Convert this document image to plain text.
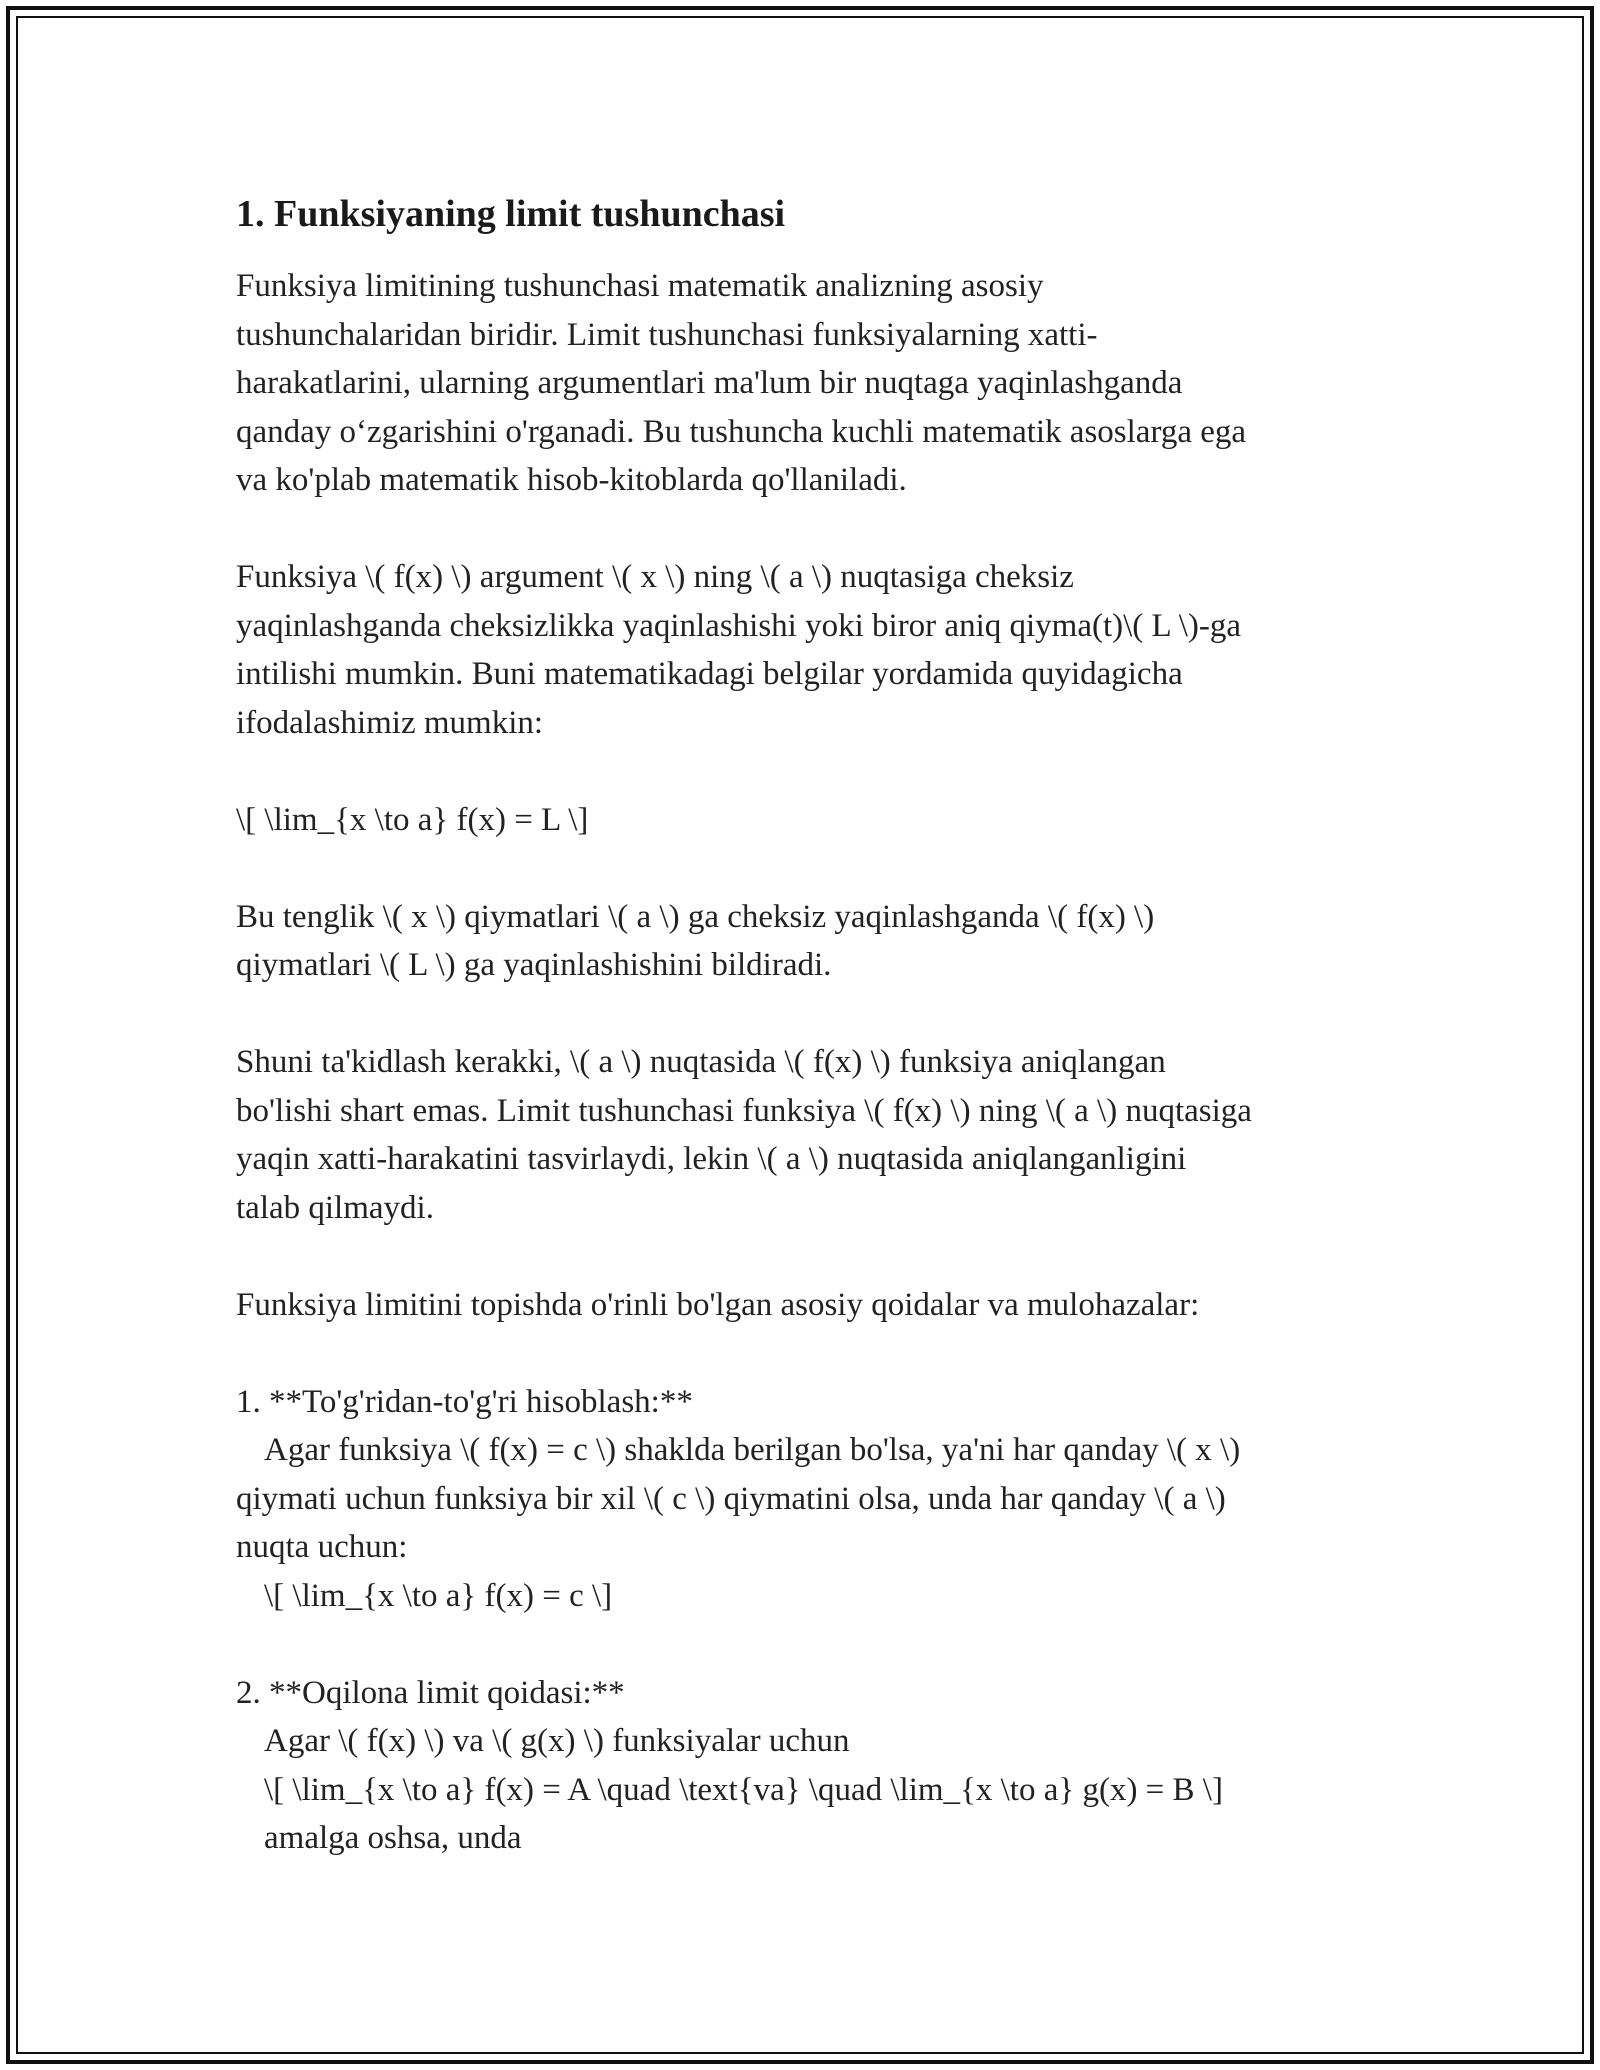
1. Funksiyaning limit tushunchasi
Funksiya limitining tushunchasi matematik analizning asosiy
tushunchalaridan biridir. Limit tushunchasi funksiyalarning xatti-
harakatlarini, ularning argumentlari ma'lum bir nuqtaga yaqinlashganda
qanday o‘zgarishini o'rganadi. Bu tushuncha kuchli matematik asoslarga ega
va ko'plab matematik hisob-kitoblarda qo'llaniladi.
Funksiya \( f(x) \) argument \( x \) ning \( a \) nuqtasiga cheksiz
yaqinlashganda cheksizlikka yaqinlashishi yoki biror aniq qiyma(t)\( L \)-ga
intilishi mumkin. Buni matematikadagi belgilar yordamida quyidagicha
ifodalashimiz mumkin:
\[ \lim_{x \to a} f(x) = L \]
Bu tenglik \( x \) qiymatlari \( a \) ga cheksiz yaqinlashganda \( f(x) \)
qiymatlari \( L \) ga yaqinlashishini bildiradi.
Shuni ta'kidlash kerakki, \( a \) nuqtasida \( f(x) \) funksiya aniqlangan
bo'lishi shart emas. Limit tushunchasi funksiya \( f(x) \) ning \( a \) nuqtasiga
yaqin xatti-harakatini tasvirlaydi, lekin \( a \) nuqtasida aniqlanganligini
talab qilmaydi.
Funksiya limitini topishda o'rinli bo'lgan asosiy qoidalar va mulohazalar:
1. **To'g'ridan-to'g'ri hisoblash:**
Agar funksiya \( f(x) = c \) shakldа berilgan bo'lsa, ya'ni har qanday \( x \)
qiymati uchun funksiya bir xil \( c \) qiymatini olsa, unda har qanday \( a \)
nuqta uchun:
\[ \lim_{x \to a} f(x) = c \]
2. **Oqilona limit qoidasi:**
Agar \( f(x) \) va \( g(x) \) funksiyalar uchun
\[ \lim_{x \to a} f(x) = A \quad \text{va} \quad \lim_{x \to a} g(x) = B \]
amalga oshsa, unda
